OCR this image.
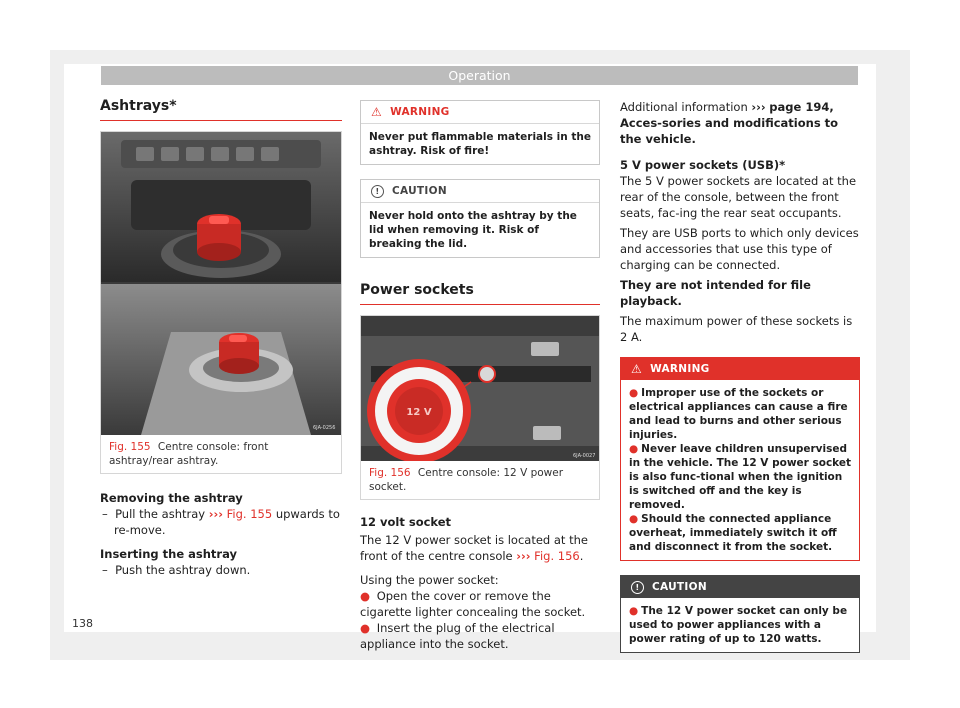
Operation
Ashtrays*
6JA-0256
Fig. 155 Centre console: front ashtray/rear ashtray.

Removing the ashtray

– Pull the ashtray ››› Fig. 155 upwards to re-move.

Inserting the ashtray

– Push the ashtray down.

⚠ WARNING
Never put flammable materials in the ashtray. Risk of fire!
!	CAUTION
Never hold onto the ashtray by the lid when removing it. Risk of breaking the lid.
Power sockets
12 V
6JA-0027
Fig. 156 Centre console: 12 V power socket.

12 volt socket

The 12 V power socket is located at the front of the centre console ››› Fig. 156.

Using the power socket:

● Open the cover or remove the cigarette lighter concealing the socket.

● Insert the plug of the electrical appliance into the socket.

Additional information ››› page 194, Acces-sories and modifications to the vehicle.

5 V power sockets (USB)*

The 5 V power sockets are located at the rear of the console, between the front seats, fac-ing the rear seat occupants.

They are USB ports to which only devices and accessories that use this type of charging can be connected.

They are not intended for file playback.

The maximum power of these sockets is 2 A.

⚠ WARNING
● Improper use of the sockets or electrical appliances can cause a fire and lead to burns and other serious injuries.
● Never leave children unsupervised in the vehicle. The 12 V power socket is also func-tional when the ignition is switched off and the key is removed.
● Should the connected appliance overheat, immediately switch it off and disconnect it from the socket.
!	CAUTION
● The 12 V power socket can only be used to power appliances with a power rating of up to 120 watts.
138
